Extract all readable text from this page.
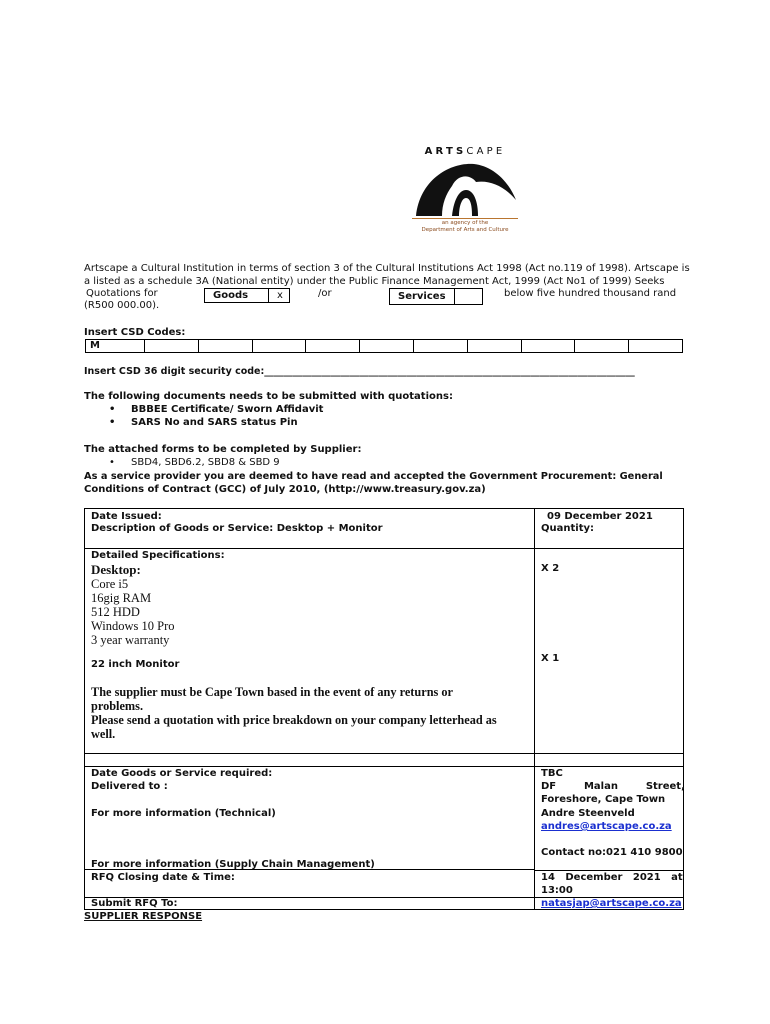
ARTSCAPE
an agency of the
Department of Arts and Culture
Artscape a Cultural Institution in terms of section 3 of the Cultural Institutions Act 1998 (Act no.119 of 1998). Artscape is
a listed as a schedule 3A (National entity) under the Public Finance Management Act, 1999 (Act No1 of 1999) Seeks
Quotations for	Goods	x	/or	Services	below five hundred thousand rand
(R500 000.00).
Insert CSD Codes:
M										
Insert CSD 36 digit security code:______________________________________________________________________________
The following documents needs to be submitted with quotations:
• BBBEE Certificate/ Sworn Affidavit
• SARS No and SARS status Pin
The attached forms to be completed by Supplier:
• SBD4, SBD6.2, SBD8 & SBD 9
As a service provider you are deemed to have read and accepted the Government Procurement: General
Conditions of Contract (GCC) of July 2010, (http://www.treasury.gov.za)
Date Issued:	09 December 2021
Description of Goods or Service: Desktop + Monitor	Quantity:
Detailed Specifications:
Desktop:	X 2
Core i5
16gig RAM
512 HDD
Windows 10 Pro
3 year warranty
X 1
22 inch Monitor
The supplier must be Cape Town based in the event of any returns or
problems.
Please send a quotation with price breakdown on your company letterhead as
well.
Date Goods or Service required:	TBC
Delivered to :	DF        Malan        Street,
Foreshore, Cape Town
For more information (Technical)	Andre Steenveld
andres@artscape.co.za
Contact no:021 410 9800
For more information (Supply Chain Management)
RFQ Closing date & Time:	14   December   2021   at
13:00
Submit RFQ To:	natasjap@artscape.co.za
SUPPLIER RESPONSE
